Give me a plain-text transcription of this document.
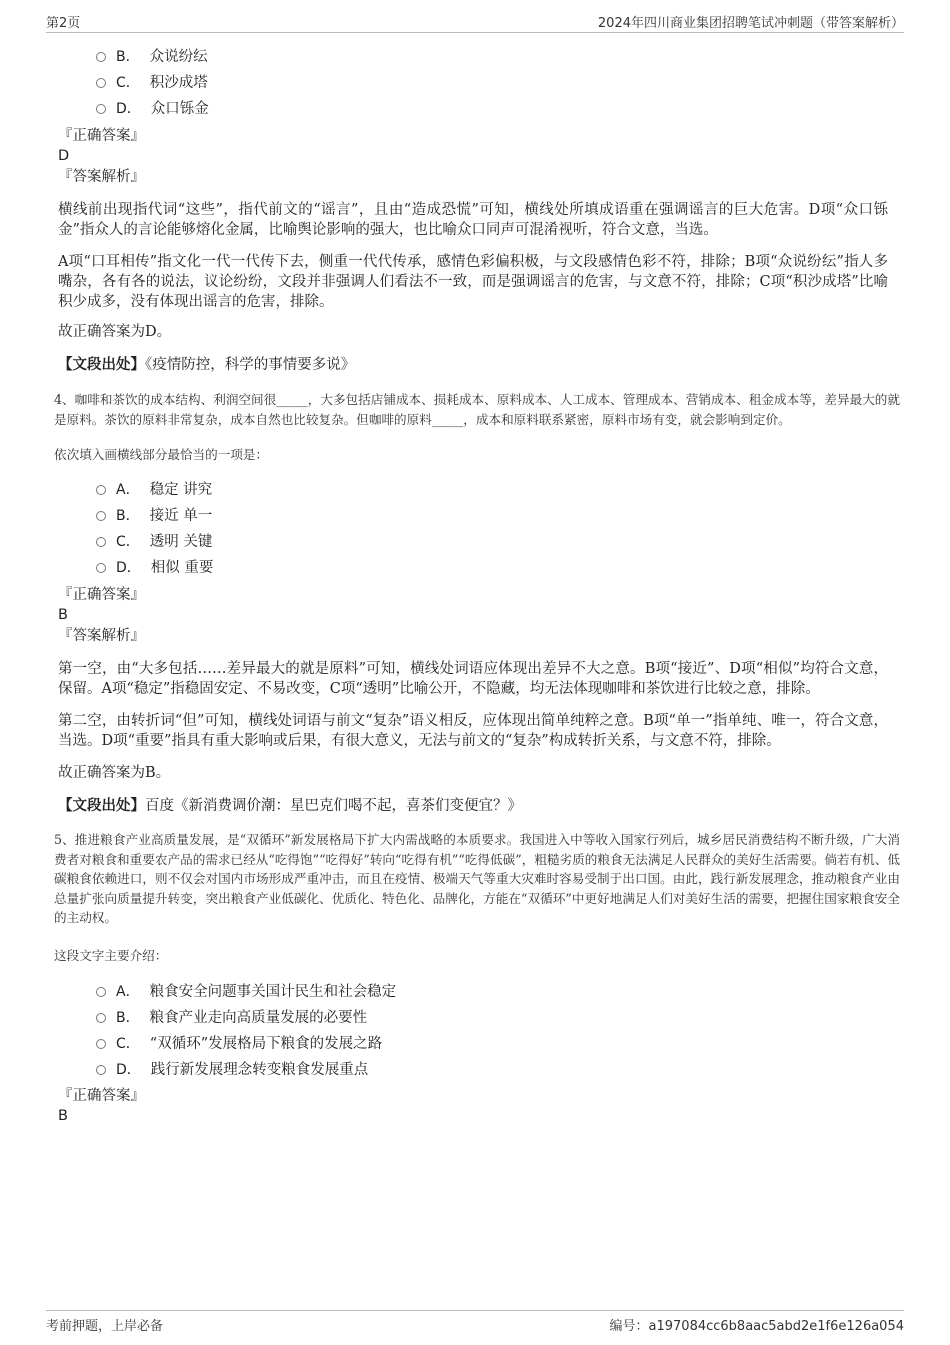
第2页	2024年四川商业集团招聘笔试冲刺题（带答案解析）
B． 众说纷纭
C． 积沙成塔
D． 众口铄金
『正确答案』
D
『答案解析』
横线前出现指代词“这些”，指代前文的“谣言”，且由“造成恐慌”可知，横线处所填成语重在强调谣言的巨大危害。D项“众口铄金”指众人的言论能够熔化金属，比喻舆论影响的强大，也比喻众口同声可混淆视听，符合文意，当选。
A项“口耳相传”指文化一代一代传下去，侧重一代代传承，感情色彩偏积极，与文段感情色彩不符，排除；B项“众说纷纭”指人多嘴杂，各有各的说法，议论纷纷，文段并非强调人们看法不一致，而是强调谣言的危害，与文意不符，排除；C项“积沙成塔”比喻积少成多，没有体现出谣言的危害，排除。
故正确答案为D。
【文段出处】《疫情防控，科学的事情要多说》
4、咖啡和茶饮的成本结构、利润空间很_____，大多包括店铺成本、损耗成本、原料成本、人工成本、管理成本、营销成本、租金成本等，差异最大的就是原料。茶饮的原料非常复杂，成本自然也比较复杂。但咖啡的原料_____，成本和原料联系紧密，原料市场有变，就会影响到定价。
依次填入画横线部分最恰当的一项是：
A． 稳定 讲究
B． 接近 单一
C． 透明 关键
D． 相似 重要
『正确答案』
B
『答案解析』
第一空，由“大多包括……差异最大的就是原料”可知，横线处词语应体现出差异不大之意。B项“接近”、D项“相似”均符合文意，保留。A项“稳定”指稳固安定、不易改变，C项“透明”比喻公开，不隐藏，均无法体现咖啡和茶饮进行比较之意，排除。
第二空，由转折词“但”可知，横线处词语与前文“复杂”语义相反，应体现出简单纯粹之意。B项“单一”指单纯、唯一，符合文意，当选。D项“重要”指具有重大影响或后果，有很大意义，无法与前文的“复杂”构成转折关系，与文意不符，排除。
故正确答案为B。
【文段出处】百度《新消费调价潮：星巴克们喝不起，喜茶们变便宜？》
5、推进粮食产业高质量发展，是“双循环”新发展格局下扩大内需战略的本质要求。我国进入中等收入国家行列后，城乡居民消费结构不断升级，广大消费者对粮食和重要农产品的需求已经从“吃得饱”“吃得好”转向“吃得有机”“吃得低碳”，粗糙劣质的粮食无法满足人民群众的美好生活需要。倘若有机、低碳粮食依赖进口，则不仅会对国内市场形成严重冲击，而且在疫情、极端天气等重大灾难时容易受制于出口国。由此，践行新发展理念，推动粮食产业由总量扩张向质量提升转变，突出粮食产业低碳化、优质化、特色化、品牌化，方能在“双循环”中更好地满足人们对美好生活的需要，把握住国家粮食安全的主动权。
这段文字主要介绍：
A． 粮食安全问题事关国计民生和社会稳定
B． 粮食产业走向高质量发展的必要性
C． “双循环”发展格局下粮食的发展之路
D． 践行新发展理念转变粮食发展重点
『正确答案』
B
考前押题，上岸必备	编号：a197084cc6b8aac5abd2e1f6e126a054
